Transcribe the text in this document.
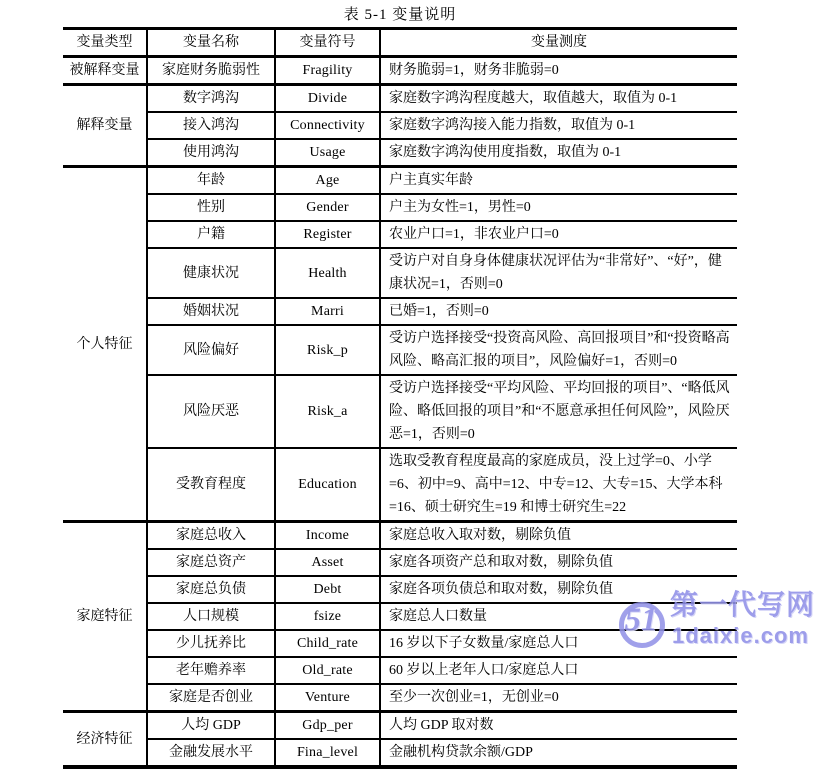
表 5-1 变量说明
变量类型	变量名称	变量符号	变量测度
被解释变量	家庭财务脆弱性	Fragility	财务脆弱=1，财务非脆弱=0
解释变量	数字鸿沟	Divide	家庭数字鸿沟程度越大，取值越大，取值为 0-1
	接入鸿沟	Connectivity	家庭数字鸿沟接入能力指数，取值为 0-1
	使用鸿沟	Usage	家庭数字鸿沟使用度指数，取值为 0-1
个人特征	年龄	Age	户主真实年龄
	性别	Gender	户主为女性=1，男性=0
	户籍	Register	农业户口=1，非农业户口=0
	健康状况	Health	受访户对自身身体健康状况评估为“非常好”、“好”，健康状况=1，否则=0
	婚姻状况	Marri	已婚=1，否则=0
	风险偏好	Risk_p	受访户选择接受“投资高风险、高回报项目”和“投资略高风险、略高汇报的项目”，风险偏好=1，否则=0
	风险厌恶	Risk_a	受访户选择接受“平均风险、平均回报的项目”、“略低风险、略低回报的项目”和“不愿意承担任何风险”，风险厌恶=1，否则=0
	受教育程度	Education	选取受教育程度最高的家庭成员，没上过学=0、小学=6、初中=9、高中=12、中专=12、大专=15、大学本科=16、硕士研究生=19 和博士研究生=22
家庭特征	家庭总收入	Income	家庭总收入取对数，剔除负值
	家庭总资产	Asset	家庭各项资产总和取对数，剔除负值
	家庭总负债	Debt	家庭各项负债总和取对数，剔除负值
	人口规模	fsize	家庭总人口数量
	少儿抚养比	Child_rate	16 岁以下子女数量/家庭总人口
	老年赡养率	Old_rate	60 岁以上老年人口/家庭总人口
	家庭是否创业	Venture	至少一次创业=1，无创业=0
经济特征	人均 GDP	Gdp_per	人均 GDP 取对数
	金融发展水平	Fina_level	金融机构贷款余额/GDP
51 第一代写网
1daixie.com
